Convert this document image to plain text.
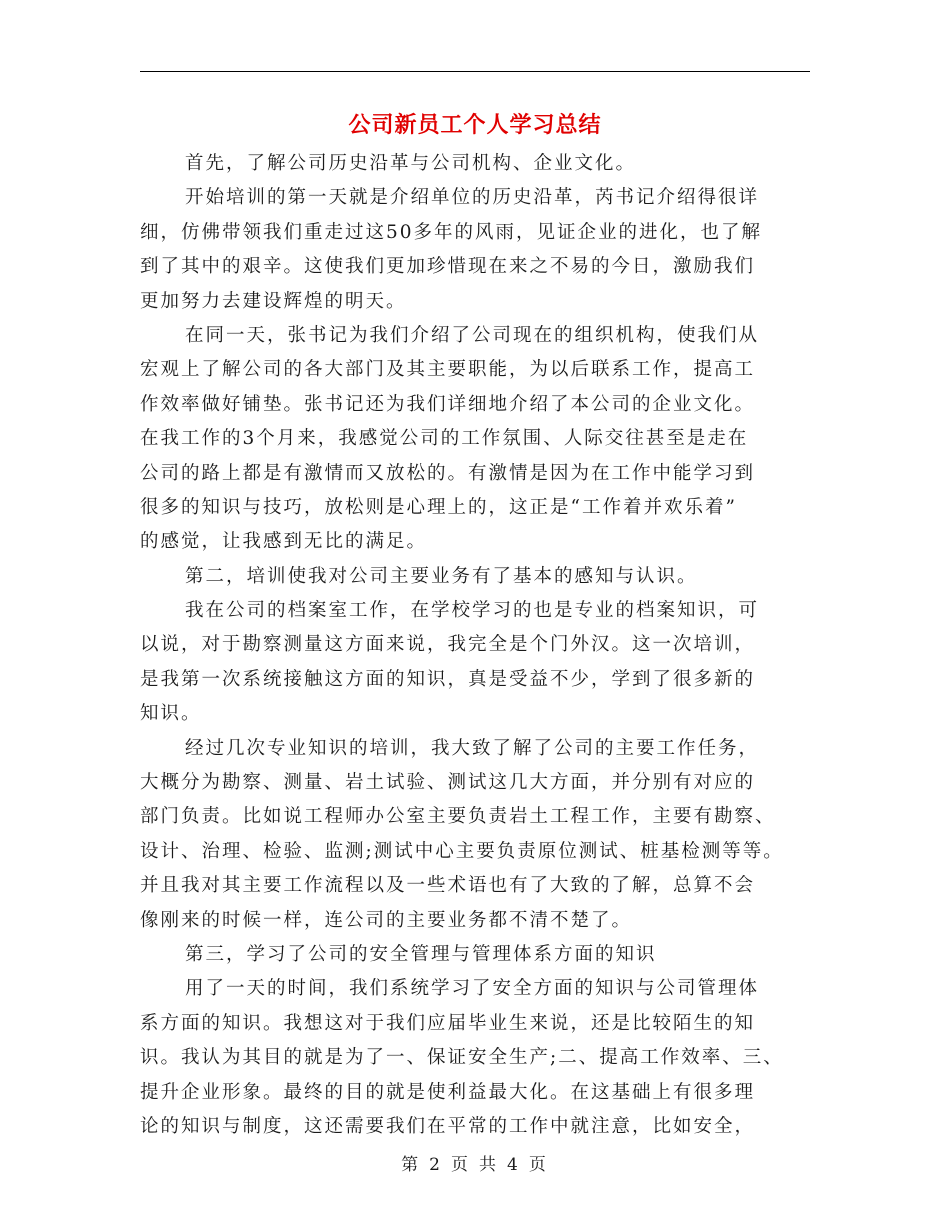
公司新员工个人学习总结
首先，了解公司历史沿革与公司机构、企业文化。
开始培训的第一天就是介绍单位的历史沿革，芮书记介绍得很详
细，仿佛带领我们重走过这50多年的风雨，见证企业的进化，也了解
到了其中的艰辛。这使我们更加珍惜现在来之不易的今日，激励我们
更加努力去建设辉煌的明天。
在同一天，张书记为我们介绍了公司现在的组织机构，使我们从
宏观上了解公司的各大部门及其主要职能，为以后联系工作，提高工
作效率做好铺垫。张书记还为我们详细地介绍了本公司的企业文化。
在我工作的3个月来，我感觉公司的工作氛围、人际交往甚至是走在
公司的路上都是有激情而又放松的。有激情是因为在工作中能学习到
很多的知识与技巧，放松则是心理上的，这正是“工作着并欢乐着”
的感觉，让我感到无比的满足。
第二，培训使我对公司主要业务有了基本的感知与认识。
我在公司的档案室工作，在学校学习的也是专业的档案知识，可
以说，对于勘察测量这方面来说，我完全是个门外汉。这一次培训，
是我第一次系统接触这方面的知识，真是受益不少，学到了很多新的
知识。
经过几次专业知识的培训，我大致了解了公司的主要工作任务，
大概分为勘察、测量、岩土试验、测试这几大方面，并分别有对应的
部门负责。比如说工程师办公室主要负责岩土工程工作，主要有勘察、
设计、治理、检验、监测;测试中心主要负责原位测试、桩基检测等等。
并且我对其主要工作流程以及一些术语也有了大致的了解，总算不会
像刚来的时候一样，连公司的主要业务都不清不楚了。
第三，学习了公司的安全管理与管理体系方面的知识
用了一天的时间，我们系统学习了安全方面的知识与公司管理体
系方面的知识。我想这对于我们应届毕业生来说，还是比较陌生的知
识。我认为其目的就是为了一、保证安全生产;二、提高工作效率、三、
提升企业形象。最终的目的就是使利益最大化。在这基础上有很多理
论的知识与制度，这还需要我们在平常的工作中就注意，比如安全，
第 2 页 共 4 页
